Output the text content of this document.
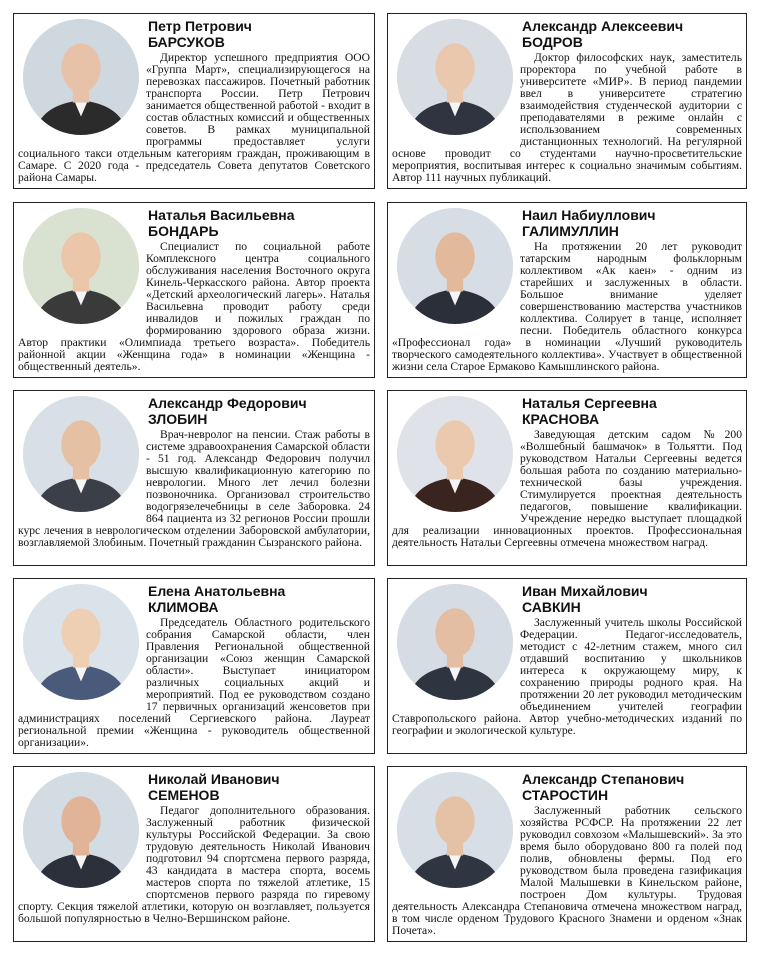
Петр Петрович
БАРСУКОВ

Директор успешного предприятия ООО «Группа Март», специализирующегося на перевозках пассажиров. Почетный работник транспорта России. Петр Петрович занимается общественной работой - входит в состав областных комиссий и общественных советов. В рамках муниципальной программы предоставляет услуги социального такси отдельным категориям граждан, проживающим в Самаре. С 2020 года - председатель Совета депутатов Советского района Самары.

Александр Алексеевич
БОДРОВ

Доктор философских наук, заместитель проректора по учебной работе в университете «МИР». В период пандемии ввел в университете стратегию взаимодействия студенческой аудитории с преподавателями в режиме онлайн с использованием современных дистанционных технологий. На регулярной основе проводит со студентами научно-просветительские мероприятия, воспитывая интерес к социально значимым событиям. Автор 111 научных публикаций.

Наталья Васильевна
БОНДАРЬ

Специалист по социальной работе Комплексного центра социального обслуживания населения Восточного округа Кинель-Черкасского района. Автор проекта «Детский археологический лагерь». Наталья Васильевна проводит работу среди инвалидов и пожилых граждан по формированию здорового образа жизни. Автор практики «Олимпиада третьего возраста». Победитель районной акции «Женщина года» в номинации «Женщина - общественный деятель».

Наил Набиуллович
ГАЛИМУЛЛИН

На протяжении 20 лет руководит татарским народным фольклорным коллективом «Ак каен» - одним из старейших и заслуженных в области. Большое внимание уделяет совершенствованию мастерства участников коллектива. Солирует в танце, исполняет песни. Победитель областного конкурса «Профессионал года» в номинации «Лучший руководитель творческого самодеятельного коллектива». Участвует в общественной жизни села Старое Ермаково Камышлинского района.

Александр Федорович
ЗЛОБИН

Врач-невролог на пенсии. Стаж работы в системе здравоохранения Самарской области - 51 год. Александр Федорович получил высшую квалификационную категорию по неврологии. Много лет лечил болезни позвоночника. Организовал строительство водогрязелечебницы в селе Заборовка. 24 864 пациента из 32 регионов России прошли курс лечения в неврологическом отделении Заборовской амбулатории, возглавляемой Злобиным. Почетный гражданин Сызранского района.

Наталья Сергеевна
КРАСНОВА

Заведующая детским садом №200 «Волшебный башмачок» в Тольятти. Под руководством Натальи Сергеевны ведется большая работа по созданию материально-технической базы учреждения. Стимулируется проектная деятельность педагогов, повышение квалификации. Учреждение нередко выступает площадкой для реализации инновационных проектов. Профессиональная деятельность Натальи Сергеевны отмечена множеством наград.

Елена Анатольевна
КЛИМОВА

Председатель Областного родительского собрания Самарской области, член Правления Региональной общественной организации «Союз женщин Самарской области». Выступает инициатором различных социальных акций и мероприятий. Под ее руководством создано 17 первичных организаций женсоветов при администрациях поселений Сергиевского района. Лауреат региональной премии «Женщина - руководитель общественной организации».

Иван Михайлович
САВКИН

Заслуженный учитель школы Российской Федерации. Педагог-исследователь, методист с 42-летним стажем, много сил отдавший воспитанию у школьников интереса к окружающему миру, к сохранению природы родного края. На протяжении 20 лет руководил методическим объединением учителей географии Ставропольского района. Автор учебно-методических изданий по географии и экологической культуре.

Николай Иванович
СЕМЕНОВ

Педагог дополнительного образования. Заслуженный работник физической культуры Российской Федерации. За свою трудовую деятельность Николай Иванович подготовил 94 спортсмена первого разряда, 43 кандидата в мастера спорта, восемь мастеров спорта по тяжелой атлетике, 15 спортсменов первого разряда по гиревому спорту. Секция тяжелой атлетики, которую он возглавляет, пользуется большой популярностью в Челно-Вершинском районе.

Александр Степанович
СТАРОСТИН

Заслуженный работник сельского хозяйства РСФСР. На протяжении 22 лет руководил совхозом «Малышевский». За это время было оборудовано 800 га полей под полив, обновлены фермы. Под его руководством была проведена газификация Малой Малышевки в Кинельском районе, построен Дом культуры. Трудовая деятельность Александра Степановича отмечена множеством наград, в том числе орденом Трудового Красного Знамени и орденом «Знак Почета».
